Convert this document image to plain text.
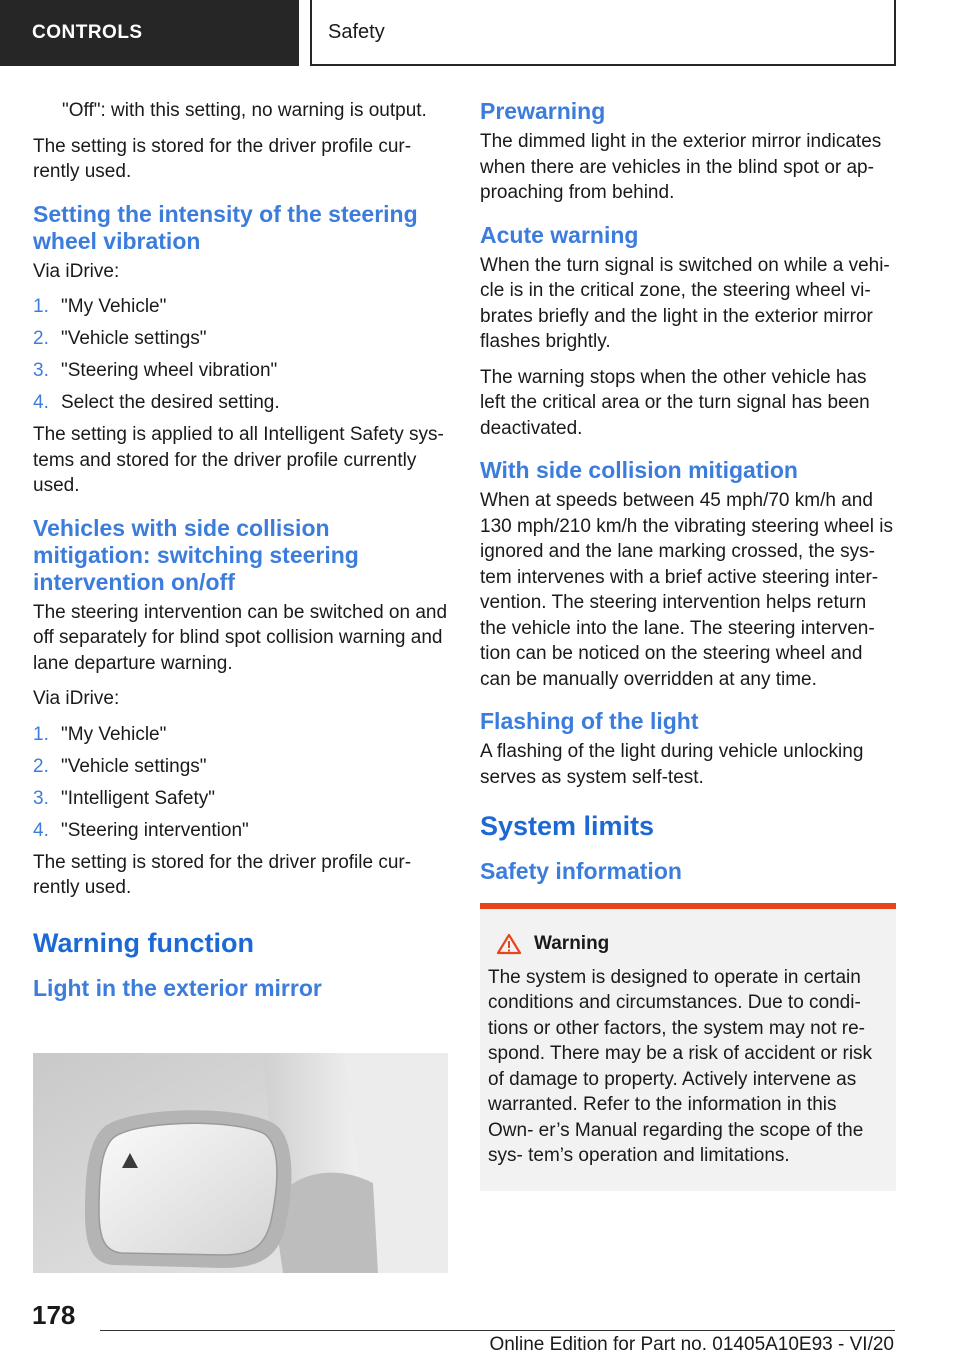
CONTROLS	Safety

"Off": with this setting, no warning is output.

The setting is stored for the driver profile cur- rently used.

Setting the intensity of the steering wheel vibration

Via iDrive:

1. "My Vehicle"
2. "Vehicle settings"
3. "Steering wheel vibration"
4. Select the desired setting.

The setting is applied to all Intelligent Safety sys- tems and stored for the driver profile currently used.

Vehicles with side collision mitigation: switching steering intervention on/off

The steering intervention can be switched on and off separately for blind spot collision warning and lane departure warning.

Via iDrive:

1. "My Vehicle"
2. "Vehicle settings"
3. "Intelligent Safety"
4. "Steering intervention"

The setting is stored for the driver profile cur- rently used.

Warning function
Light in the exterior mirror
Prewarning

The dimmed light in the exterior mirror indicates when there are vehicles in the blind spot or ap- proaching from behind.

Acute warning

When the turn signal is switched on while a vehi- cle is in the critical zone, the steering wheel vi- brates briefly and the light in the exterior mirror flashes brightly.

The warning stops when the other vehicle has left the critical area or the turn signal has been deactivated.

With side collision mitigation

When at speeds between 45 mph/70 km/h and 130 mph/210 km/h the vibrating steering wheel is ignored and the lane marking crossed, the sys- tem intervenes with a brief active steering inter- vention. The steering intervention helps return the vehicle into the lane. The steering interven- tion can be noticed on the steering wheel and can be manually overridden at any time.

Flashing of the light

A flashing of the light during vehicle unlocking serves as system self-test.

System limits
Safety information
Warning

The system is designed to operate in certain conditions and circumstances. Due to condi- tions or other factors, the system may not re- spond. There may be a risk of accident or risk of damage to property. Actively intervene as warranted. Refer to the information in this Own- er’s Manual regarding the scope of the sys- tem’s operation and limitations.

178
Online Edition for Part no. 01405A10E93 - VI/20
